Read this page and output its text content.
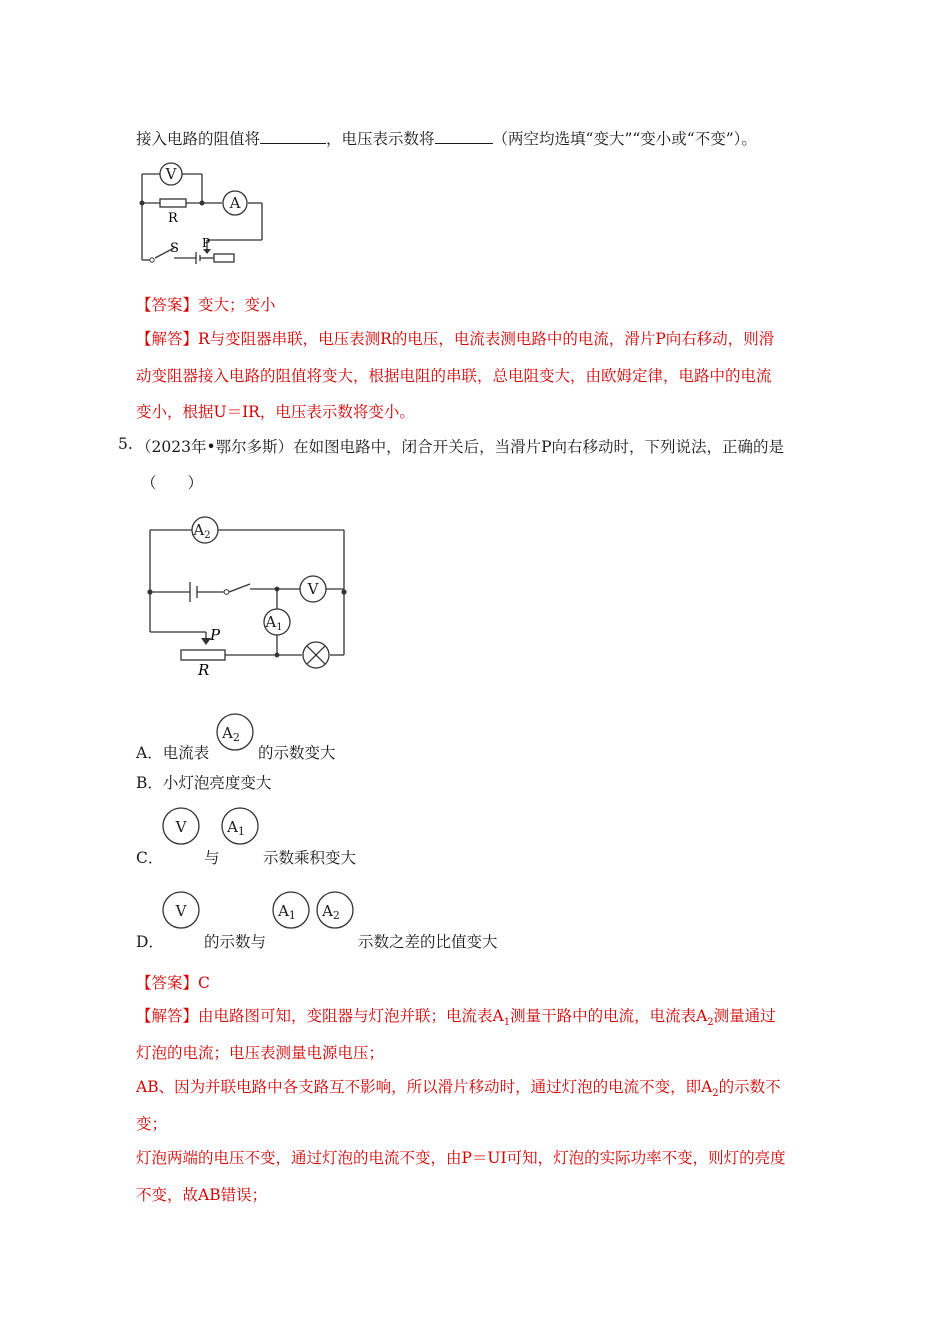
接入电路的阻值将	，电压表示数将	（两空均选填“变大”“变小或“不变”）。
V
A
R
S P
【答案】变大；变小
【解答】R与变阻器串联，电压表测R的电压，电流表测电路中的电流，滑片P向右移动，则滑
动变阻器接入电路的阻值将变大，根据电阻的串联，总电阻变大，由欧姆定律，电路中的电流
变小，根据U＝IR，电压表示数将变小。
5. （2023年•鄂尔多斯）在如图电路中，闭合开关后，当滑片P向右移动时，下列说法，正确的是
（　　）
$A_2$
V
$A_1$
P
R
A．电流表
$A_2$
的示数变大
B．小灯泡亮度变大
C．
V
与
$A_1$
示数乘积变大
D．
V
的示数与
$A_1$ $A_2$
示数之差的比值变大
【答案】C
【解答】由电路图可知，变阻器与灯泡并联；电流表$A_1$测量干路中的电流，电流表$A_2$测量通过
灯泡的电流；电压表测量电源电压；
AB、因为并联电路中各支路互不影响，所以滑片移动时，通过灯泡的电流不变，即$A_2$的示数不
变；
灯泡两端的电压不变，通过灯泡的电流不变，由P＝UI可知，灯泡的实际功率不变，则灯的亮度
不变，故AB错误；
